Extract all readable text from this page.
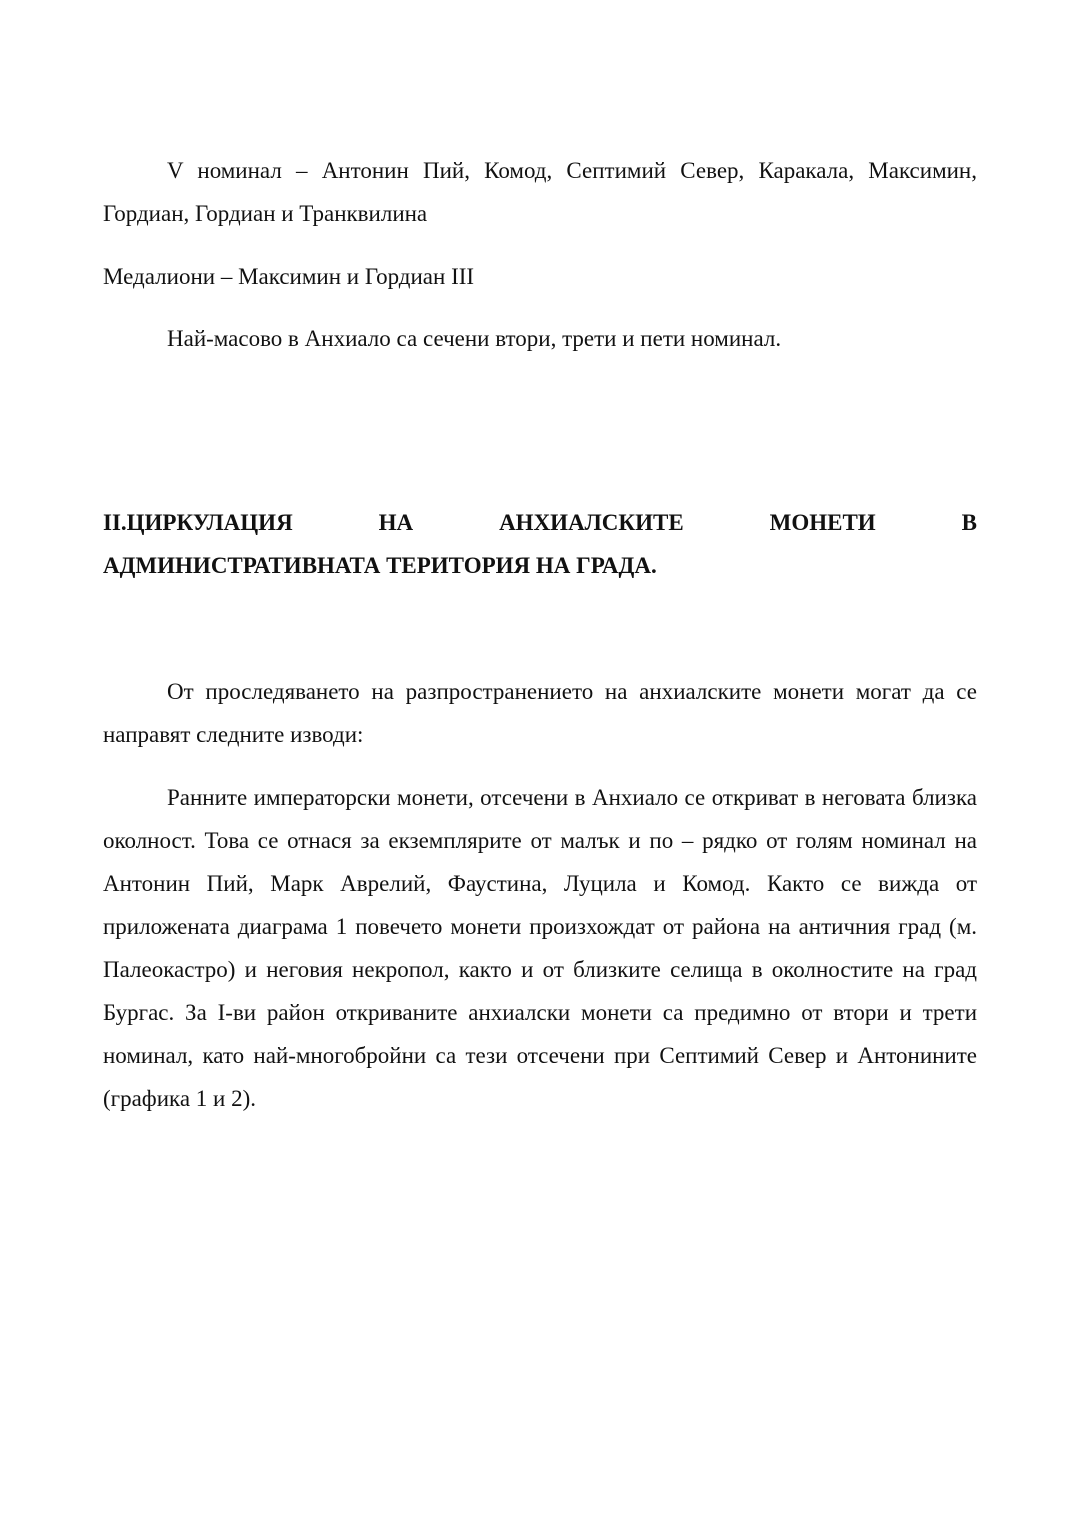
V номинал – Антонин Пий, Комод, Септимий Север, Каракала, Максимин, Гордиан, Гордиан и Транквилина

Медалиони – Максимин и Гордиан III

Най-масово в Анхиало са сечени втори, трети и пети номинал.

II.ЦИРКУЛАЦИЯ	НА	АНХИАЛСКИТЕ	МОНЕТИ	В
АДМИНИСТРАТИВНАТА ТЕРИТОРИЯ НА ГРАДА.

От проследяването на разпространението на анхиалските монети могат да се направят следните изводи:

Ранните императорски монети, отсечени в Анхиало се откриват в неговата близка околност. Това се отнася за екземплярите от малък и по – рядко от голям номинал на Антонин Пий, Марк Аврелий, Фаустина, Луцила и Комод. Както се вижда от приложената диаграма 1 повечето монети произхождат от района на античния град (м. Палеокастро) и неговия некропол, както и от близките селища в околностите на град Бургас. За I-ви район откриваните анхиалски монети са предимно от втори и трети номинал, като най-многобройни са тези отсечени при Септимий Север и Антонините (графика 1 и 2).
